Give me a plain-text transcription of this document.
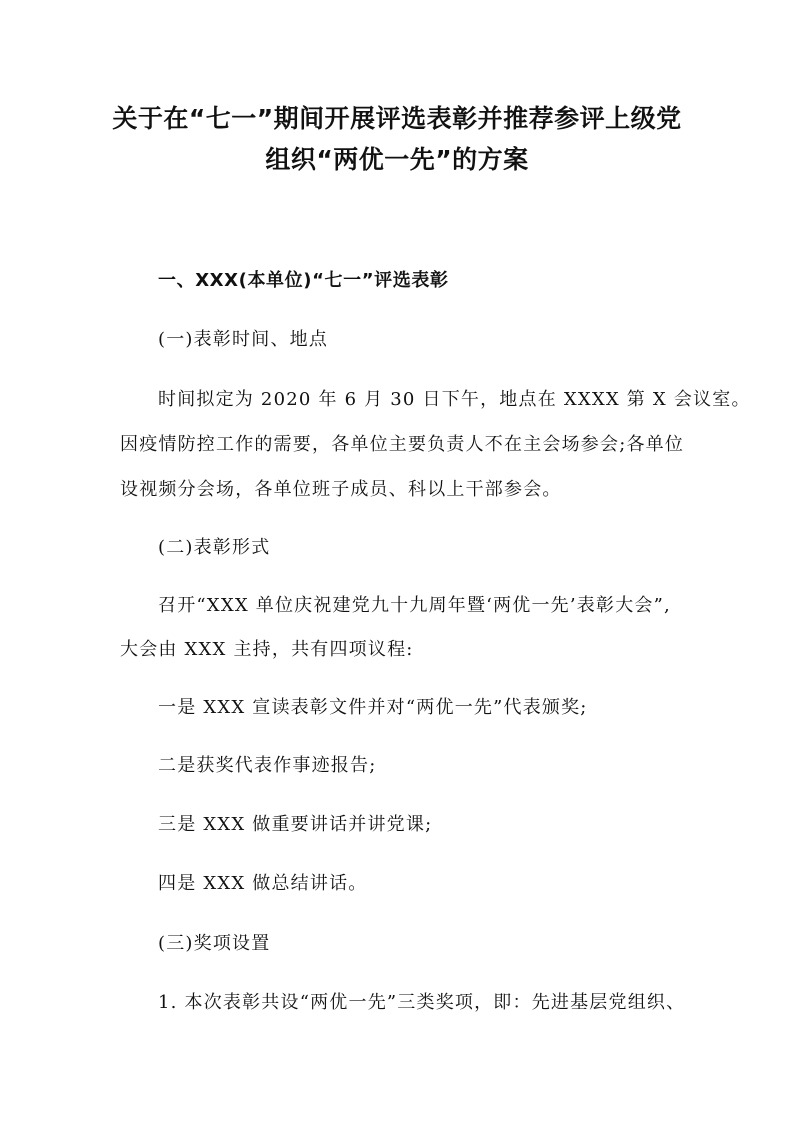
关于在“七一”期间开展评选表彰并推荐参评上级党
组织“两优一先”的方案
一、XXX(本单位)“七一”评选表彰
(一)表彰时间、地点
时间拟定为 2020 年 6 月 30 日下午，地点在 XXXX 第 X 会议室。
因疫情防控工作的需要，各单位主要负责人不在主会场参会;各单位
设视频分会场，各单位班子成员、科以上干部参会。
(二)表彰形式
召开“XXX 单位庆祝建党九十九周年暨‘两优一先’表彰大会”,
大会由 XXX 主持，共有四项议程:
一是 XXX 宣读表彰文件并对“两优一先”代表颁奖;
二是获奖代表作事迹报告;
三是 XXX 做重要讲话并讲党课;
四是 XXX 做总结讲话。
(三)奖项设置
1. 本次表彰共设“两优一先”三类奖项，即：先进基层党组织、
